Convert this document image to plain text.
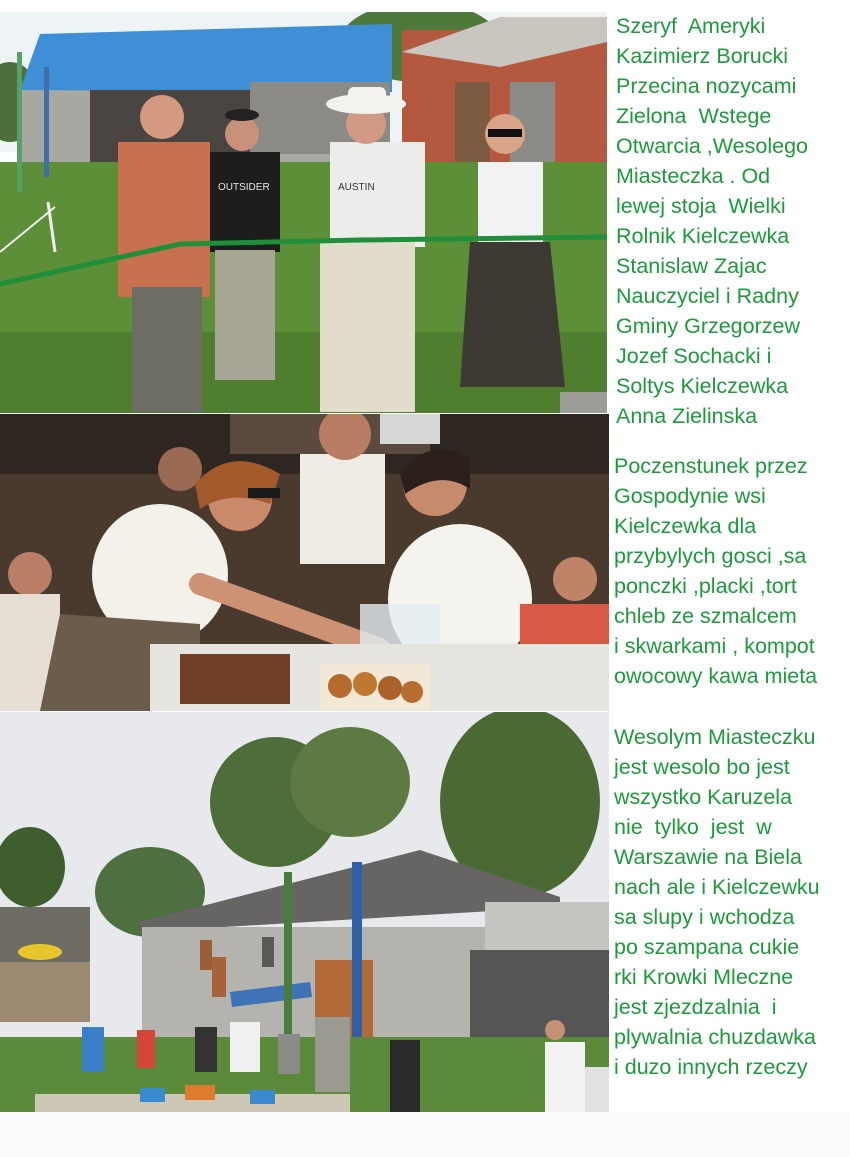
OUTSIDER	AUSTIN
Szeryf  Ameryki
Kazimierz Borucki
Przecina nozycami
Zielona  Wstege
Otwarcia ,Wesolego
Miasteczka . Od
lewej stoja  Wielki
Rolnik Kielczewka
Stanislaw Zajac
Nauczyciel i Radny
Gminy Grzegorzew
Jozef Sochacki i
Soltys Kielczewka
Anna Zielinska
Poczenstunek przez
Gospodynie wsi
Kielczewka dla
przybylych gosci ,sa
ponczki ,placki ,tort
chleb ze szmalcem
i skwarkami , kompot
owocowy kawa mieta
Wesolym Miasteczku
jest wesolo bo jest
wszystko Karuzela
nie  tylko  jest  w
Warszawie na Biela
nach ale i Kielczewku
sa slupy i wchodza
po szampana cukie
rki Krowki Mleczne
jest zjezdzalnia  i
plywalnia chuzdawka
i duzo innych rzeczy
